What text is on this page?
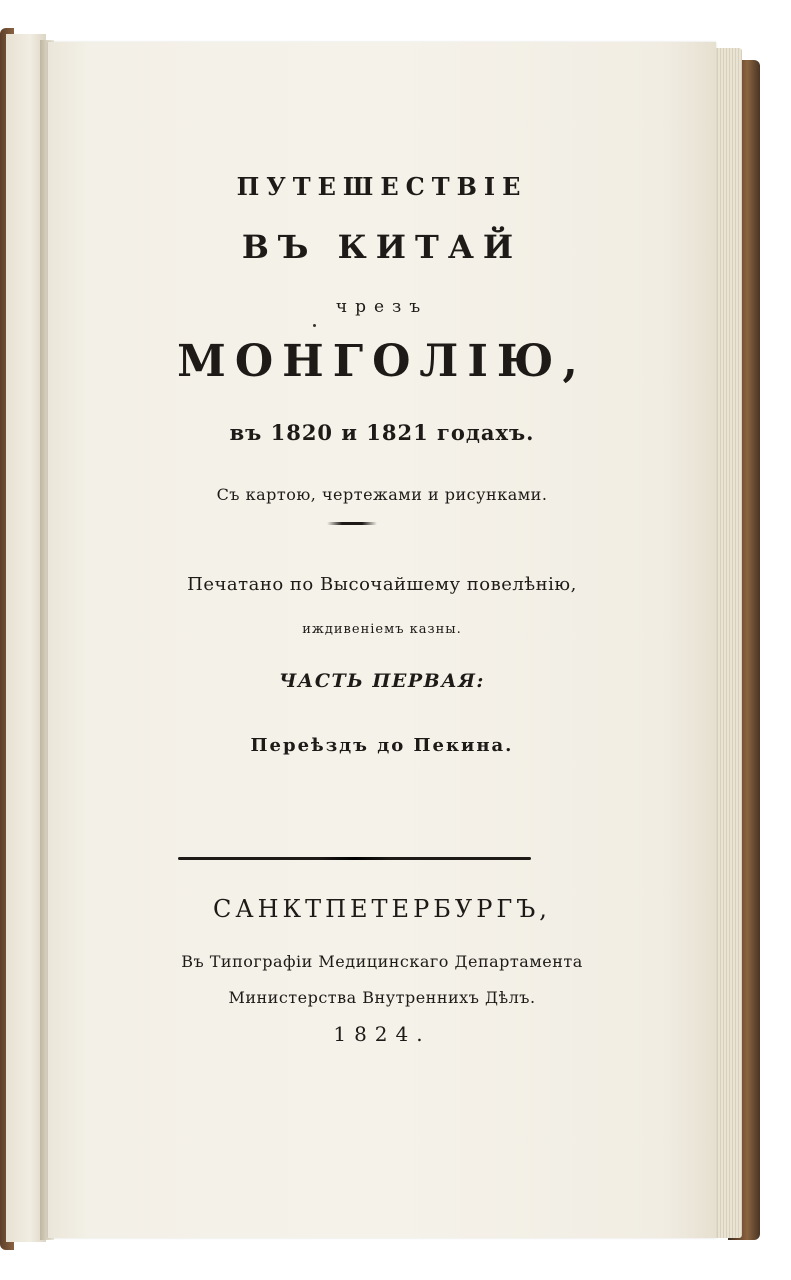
ПУТЕШЕСТВІЕ
ВЪ КИТАЙ
чрезъ
МОНГОЛІЮ,
въ 1820 и 1821 годахъ.
Съ картою, чертежами и рисунками.
Печатано по Высочайшему повелѣнію,
иждивеніемъ казны.
ЧАСТЬ ПЕРВАЯ:
Переѣздъ до Пекина.
САНКТПЕТЕРБУРГЪ,
Въ Типографіи Медицинскаго Департамента
Министерства Внутреннихъ Дѣлъ.
1824.
